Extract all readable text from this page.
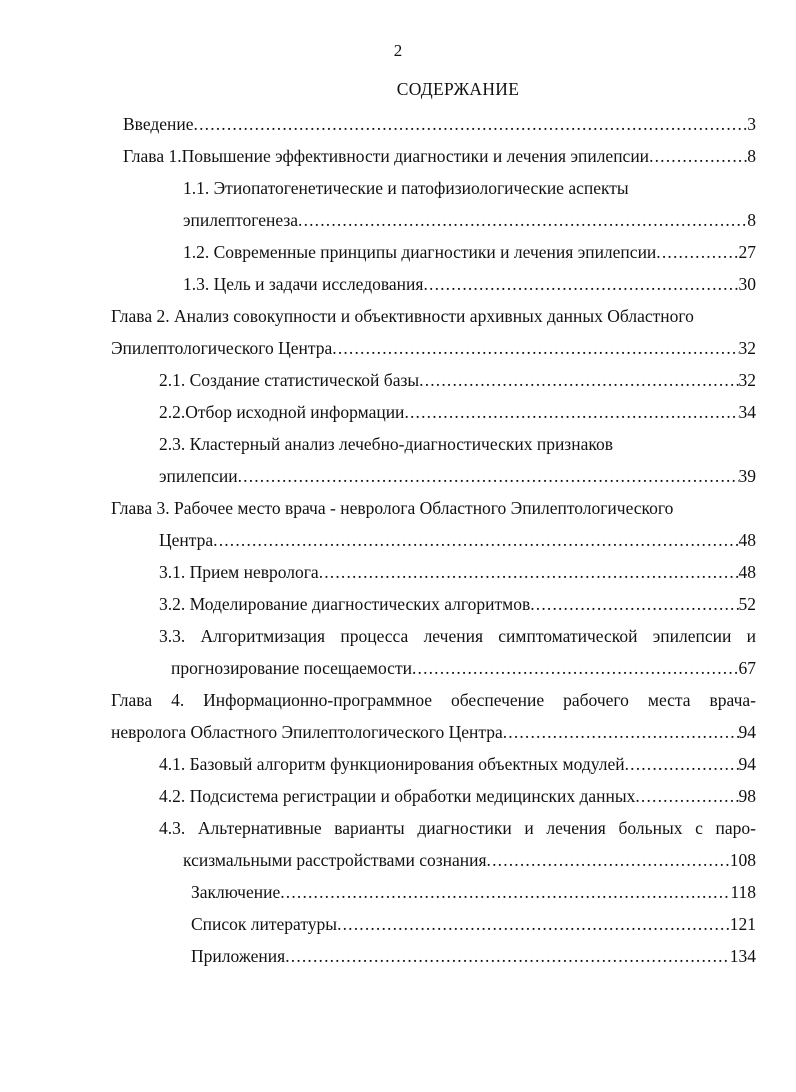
2
СОДЕРЖАНИЕ
Введение . . .	3
Глава 1.Повышение эффективности диагностики и лечения эпилепсии . . .	8
1.1. Этиопатогенетические и патофизиологические аспекты
эпилептогенеза . . .	8
1.2. Современные принципы диагностики и лечения эпилепсии . . .	27
1.3. Цель и задачи исследования . . .	30
Глава 2. Анализ совокупности и объективности архивных данных Областного
Эпилептологического Центра . . .	32
2.1. Создание статистической базы . . .	32
2.2.Отбор исходной информации . . .	34
2.3. Кластерный анализ лечебно-диагностических признаков
эпилепсии . . .	39
Глава 3. Рабочее место врача - невролога Областного Эпилептологического
Центра . . .	48
3.1. Прием невролога . . .	48
3.2. Моделирование диагностических алгоритмов . . .	52
3.3. Алгоритмизация процесса лечения симптоматической эпилепсии и
прогнозирование посещаемости . . .	67
Глава 4. Информационно-программное обеспечение рабочего места врача-
невролога Областного Эпилептологического Центра . . .	94
4.1. Базовый алгоритм функционирования объектных модулей . . .	94
4.2. Подсистема регистрации и обработки медицинских данных . . .	98
4.3. Альтернативные варианты диагностики и лечения больных с паро-
ксизмальными расстройствами сознания . . .	108
Заключение . . .	118
Список литературы . . .	121
Приложения . . .	134
